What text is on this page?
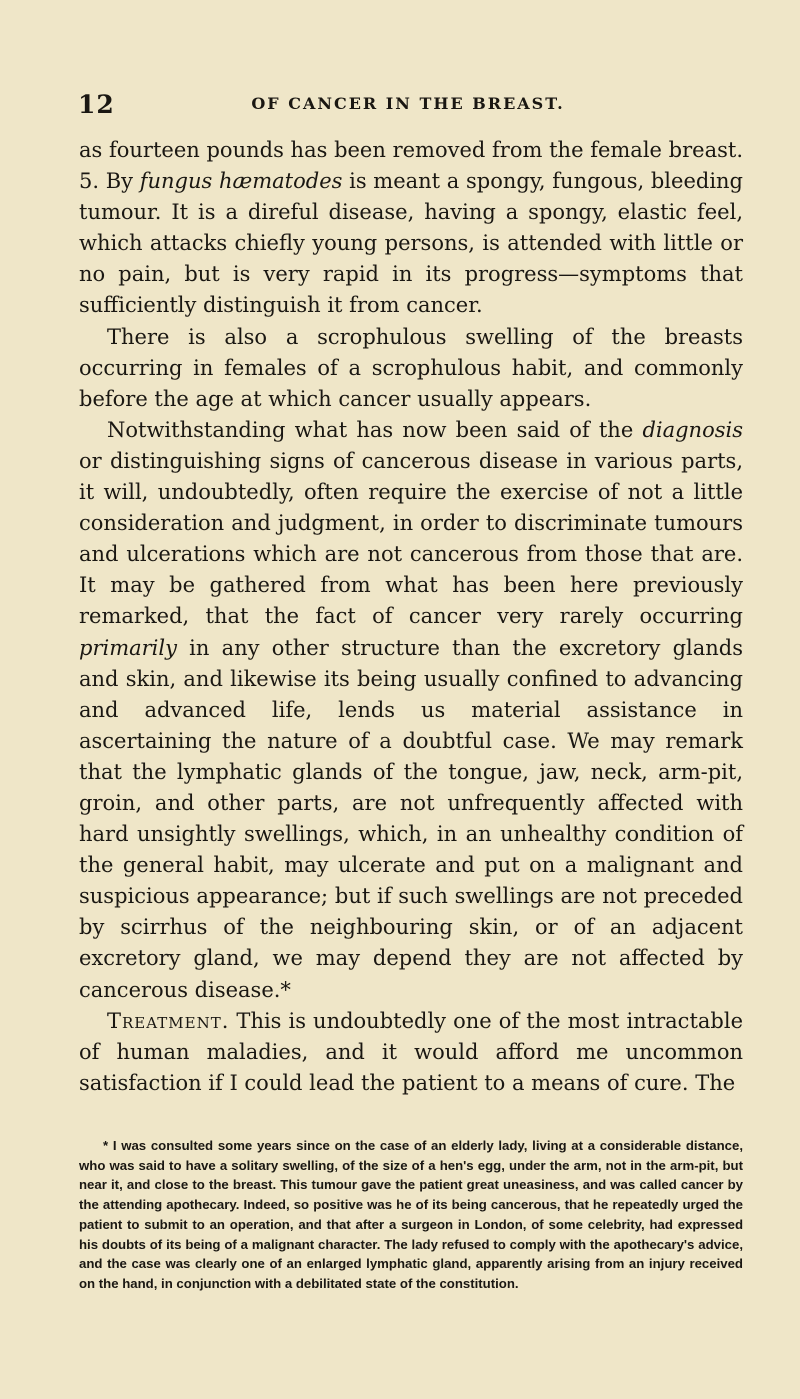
12	OF CANCER IN THE BREAST.

as fourteen pounds has been removed from the female breast. 5. By fungus hæmatodes is meant a spongy, fungous, bleeding tumour. It is a direful disease, having a spongy, elastic feel, which attacks chiefly young persons, is attended with little or no pain, but is very rapid in its progress—symptoms that sufficiently distinguish it from cancer.

There is also a scrophulous swelling of the breasts occurring in females of a scrophulous habit, and commonly before the age at which cancer usually appears.

Notwithstanding what has now been said of the diagnosis or distinguishing signs of cancerous disease in various parts, it will, undoubtedly, often require the exercise of not a little consideration and judgment, in order to discriminate tumours and ulcerations which are not cancerous from those that are. It may be gathered from what has been here previously remarked, that the fact of cancer very rarely occurring primarily in any other structure than the excretory glands and skin, and likewise its being usually confined to advancing and advanced life, lends us material assistance in ascertaining the nature of a doubtful case. We may remark that the lymphatic glands of the tongue, jaw, neck, arm-pit, groin, and other parts, are not unfrequently affected with hard unsightly swellings, which, in an unhealthy condition of the general habit, may ulcerate and put on a malignant and suspicious appearance; but if such swellings are not preceded by scirrhus of the neighbouring skin, or of an adjacent excretory gland, we may depend they are not affected by cancerous disease.*

Treatment. This is undoubtedly one of the most intractable of human maladies, and it would afford me uncommon satisfaction if I could lead the patient to a means of cure. The

* I was consulted some years since on the case of an elderly lady, living at a considerable distance, who was said to have a solitary swelling, of the size of a hen's egg, under the arm, not in the arm-pit, but near it, and close to the breast. This tumour gave the patient great uneasiness, and was called cancer by the attending apothecary. Indeed, so positive was he of its being cancerous, that he repeatedly urged the patient to submit to an operation, and that after a surgeon in London, of some celebrity, had expressed his doubts of its being of a malignant character. The lady refused to comply with the apothecary's advice, and the case was clearly one of an enlarged lymphatic gland, apparently arising from an injury received on the hand, in conjunction with a debilitated state of the constitution.
